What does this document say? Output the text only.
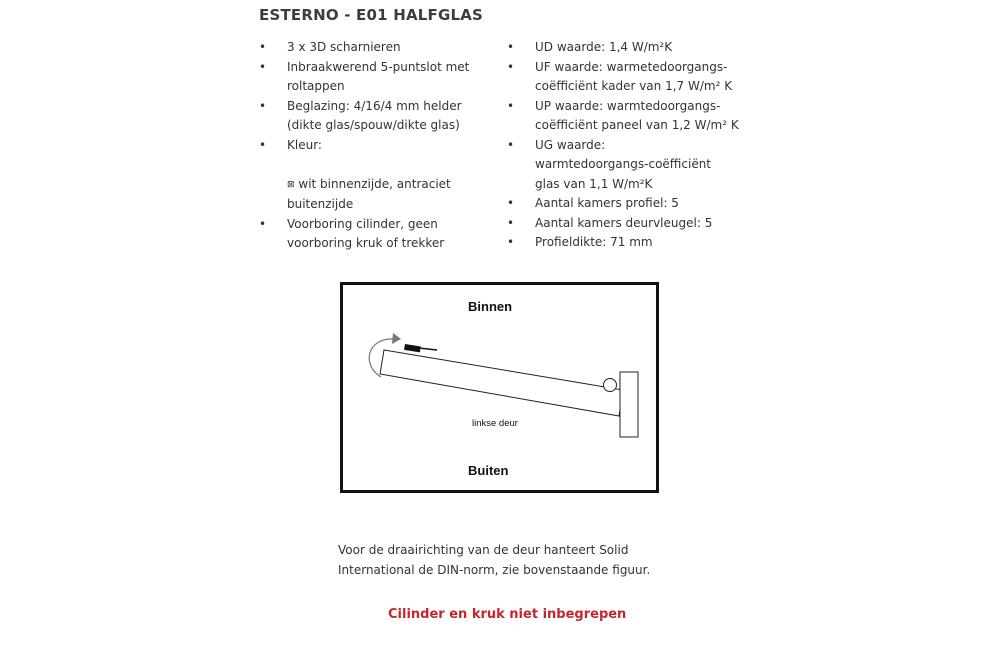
ESTERNO - E01 HALFGLAS
• 3 x 3D scharnieren
• Inbraakwerend 5-puntslot met roltappen
• Beglazing: 4/16/4 mm helder (dikte glas/spouw/dikte glas)
• Kleur:
⊠ wit binnenzijde, antraciet buitenzijde
• Voorboring cilinder, geen voorboring kruk of trekker
• UD waarde: 1,4 W/m²K
• UF waarde: warmetedoorgangs-coëfficiënt kader van 1,7 W/m² K
• UP waarde: warmtedoorgangs-coëfficiënt paneel van 1,2 W/m² K
• UG waarde: warmtedoorgangs-coëfficiënt glas van 1,1 W/m²K
• Aantal kamers profiel: 5
• Aantal kamers deurvleugel: 5
• Profieldikte: 71 mm
Binnen
linkse deur
Buiten
Voor de draairichting van de deur hanteert Solid International de DIN-norm, zie bovenstaande figuur.
Cilinder en kruk niet inbegrepen
